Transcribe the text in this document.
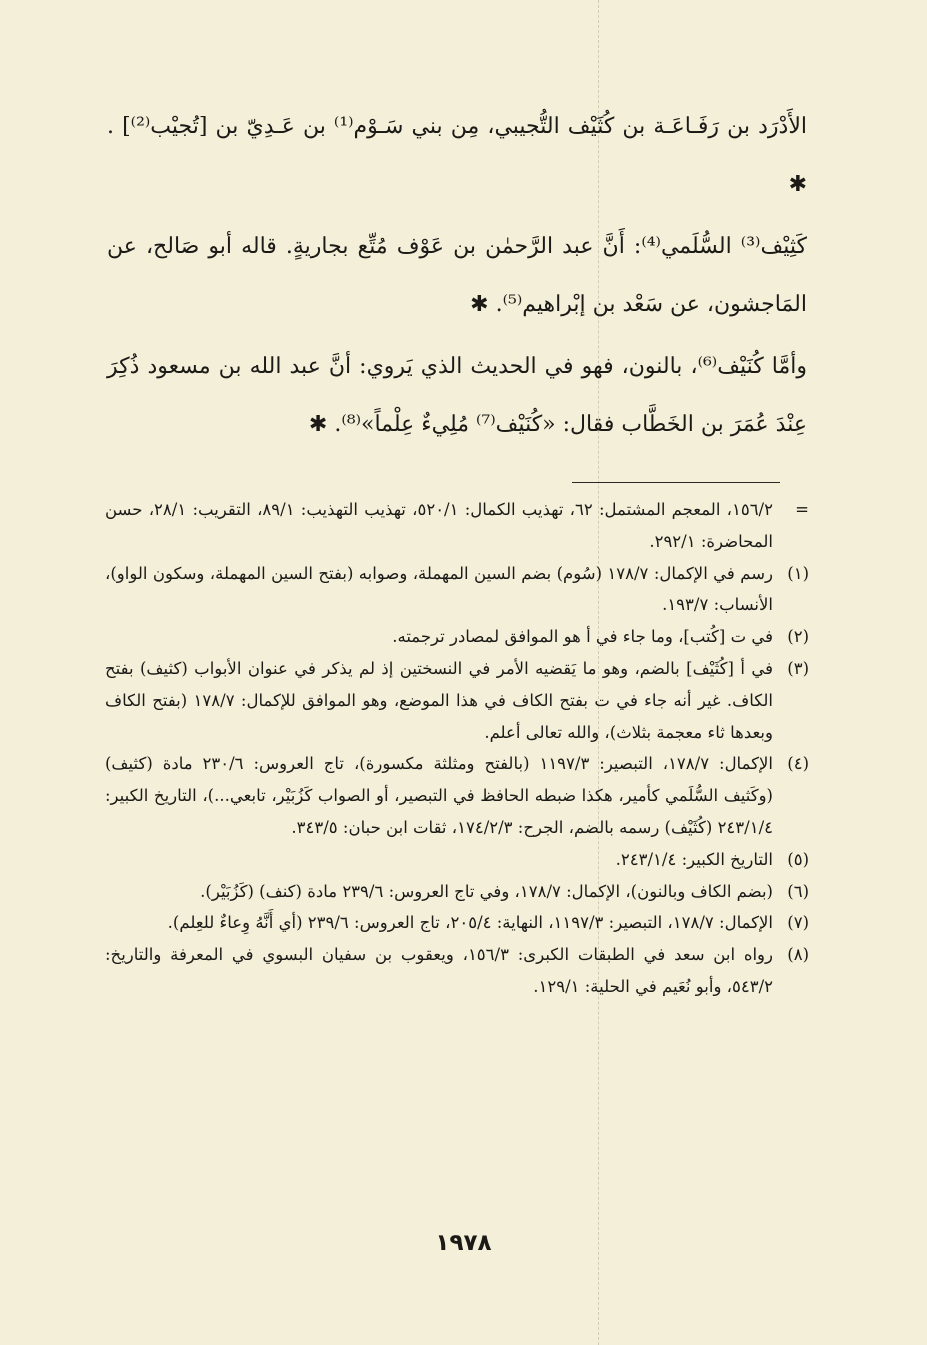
الأَدْرَد بن رَفَـاعَـة بن كُثَيْف التُّجيبي، مِن بني سَـوْم⁽¹⁾ بن عَـدِيّ بن [تُجيْب⁽²⁾] . ✱

كَثِيْف⁽³⁾ السُّلَمي⁽⁴⁾: أَنَّ عبد الرَّحمٰن بن عَوْف مُتِّع بجاريةٍ. قاله أبو صَالح، عن المَاجشون، عن سَعْد بن إبْراهيم⁽⁵⁾. ✱

وأمَّا كُنَيْف⁽⁶⁾، بالنون، فهو في الحديث الذي يَروي: أنَّ عبد الله بن مسعود ذُكِرَ عِنْدَ عُمَرَ بن الخَطَّاب فقال: «كُنَيْف⁽⁷⁾ مُلِيءٌ عِلْماً»⁽⁸⁾. ✱

=
١٥٦/٢، المعجم المشتمل: ٦٢، تهذيب الكمال: ٥٢٠/١، تهذيب التهذيب: ٨٩/١، التقريب: ٢٨/١، حسن المحاضرة: ٢٩٢/١.
(١)
رسم في الإكمال: ١٧٨/٧ (سُوم) بضم السين المهملة، وصوابه (بفتح السين المهملة، وسكون الواو)، الأنساب: ١٩٣/٧.
(٢)
في ت [كُتب]، وما جاء في أ هو الموافق لمصادر ترجمته.
(٣)
في أ [كُثَيْف] بالضم، وهو ما يَقضيه الأمر في النسختين إذ لم يذكر في عنوان الأبواب (كثيف) بفتح الكاف. غير أنه جاء في ت بفتح الكاف في هذا الموضع، وهو الموافق للإكمال: ١٧٨/٧ (بفتح الكاف وبعدها ثاء معجمة بثلاث)، والله تعالى أعلم.
(٤)
الإكمال: ١٧٨/٧، التبصير: ١١٩٧/٣ (بالفتح ومثلثة مكسورة)، تاج العروس: ٢٣٠/٦ مادة (كثيف) (وكَثيف السُّلَمي كأمير، هكذا ضبطه الحافظ في التبصير، أو الصواب كَزُبَيْر، تابعي...)، التاريخ الكبير: ٢٤٣/١/٤ (كُثَيْف) رسمه بالضم، الجرح: ١٧٤/٢/٣، ثقات ابن حبان: ٣٤٣/٥.
(٥)
التاريخ الكبير: ٢٤٣/١/٤.
(٦)
(بضم الكاف وبالنون)، الإكمال: ١٧٨/٧، وفي تاج العروس: ٢٣٩/٦ مادة (كنف) (كَزُبَيْر).
(٧)
الإكمال: ١٧٨/٧، التبصير: ١١٩٧/٣، النهاية: ٢٠٥/٤، تاج العروس: ٢٣٩/٦ (أي أَنَّهُ وِعاءٌ للعِلم).
(٨)
رواه ابن سعد في الطبقات الكبرى: ١٥٦/٣، ويعقوب بن سفيان البسوي في المعرفة والتاريخ: ٥٤٣/٢، وأبو نُعَيم في الحلية: ١٢٩/١.
١٩٧٨
